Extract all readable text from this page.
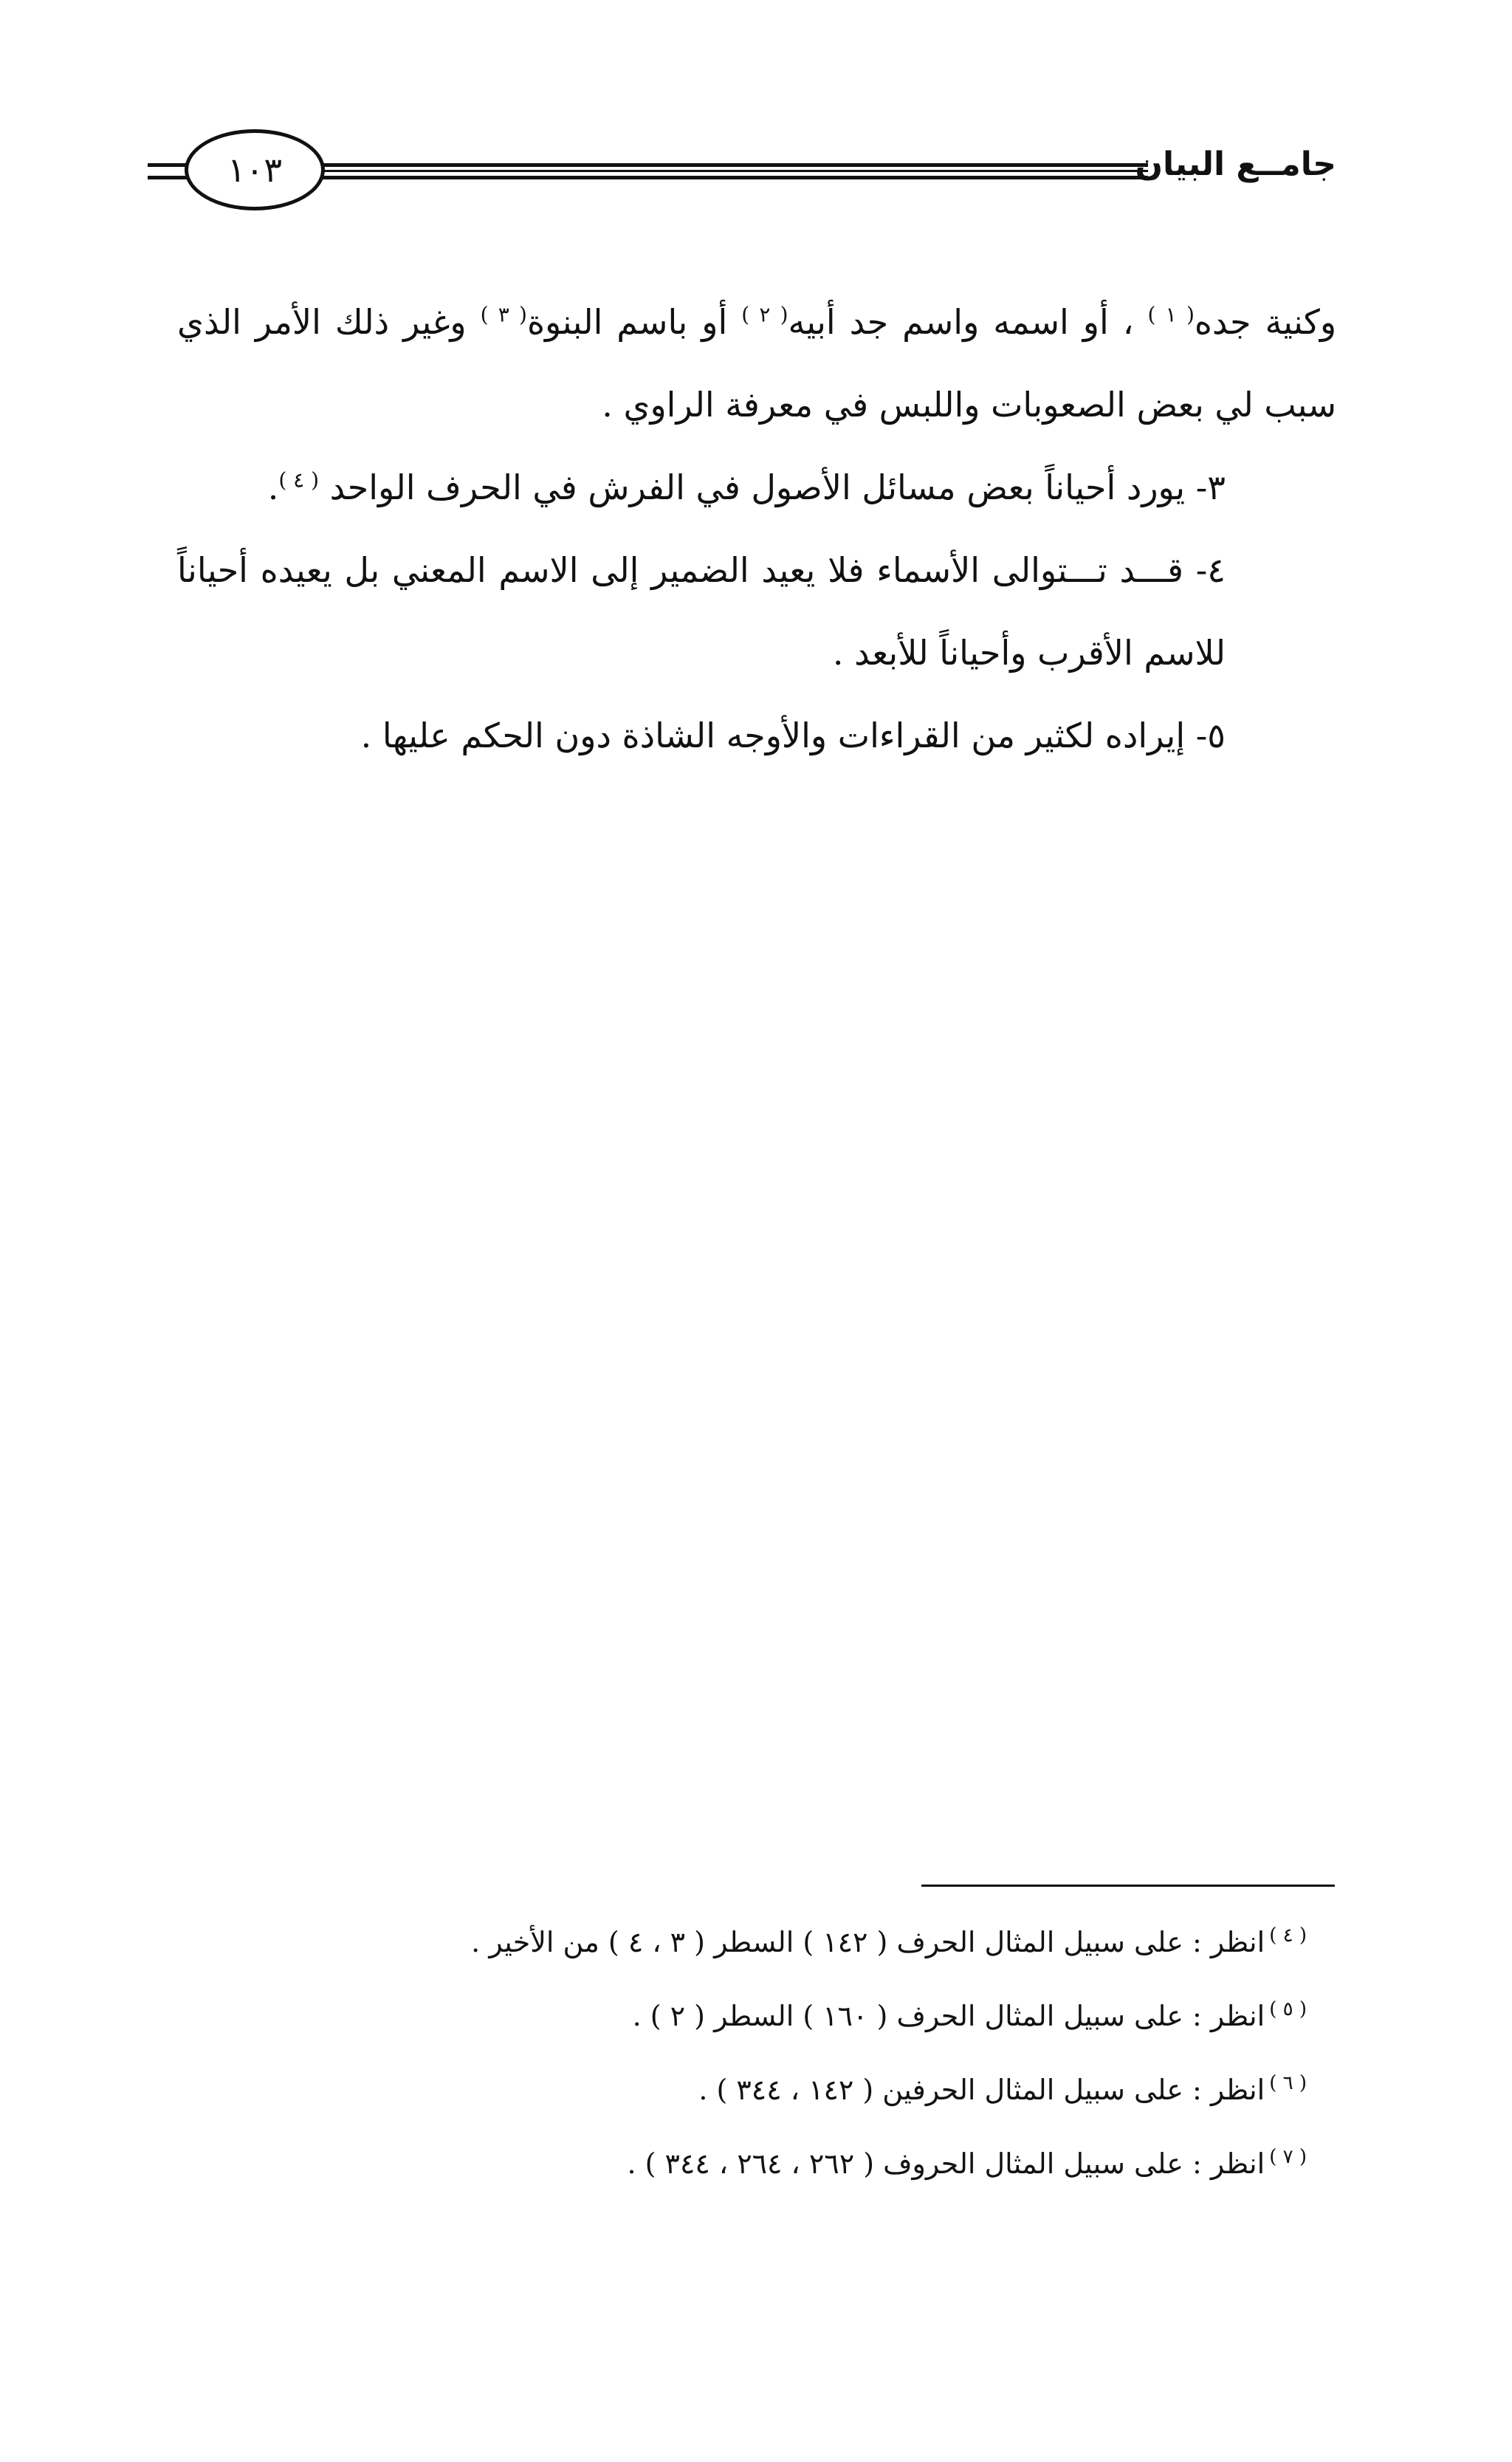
جامــع البيان
١٠٣

وكنية جده$^{( ١ )}$ ، أو اسمه واسم جد أبيه$^{( ٢ )}$ أو باسم البنوة$^{( ٣ )}$ وغير ذلك الأمر الذي سبب لي بعض الصعوبات واللبس في معرفة الراوي .

٣- يورد أحياناً بعض مسائل الأصول في الفرش في الحرف الواحد $^{( ٤ )}$.

٤- قـــد تـــتوالى الأسماء فلا يعيد الضمير إلى الاسم المعني بل يعيده أحياناً للاسم الأقرب وأحياناً للأبعد .

٥- إيراده لكثير من القراءات والأوجه الشاذة دون الحكم عليها .

$^{( ٤ )}$انظر : على سبيل المثال الحرف ( ١٤٢ ) السطر ( ٣ ، ٤ ) من الأخير .

$^{( ٥ )}$انظر : على سبيل المثال الحرف ( ١٦٠ ) السطر ( ٢ ) .

$^{( ٦ )}$انظر : على سبيل المثال الحرفين ( ١٤٢ ، ٣٤٤ ) .

$^{( ٧ )}$انظر : على سبيل المثال الحروف ( ٢٦٢ ، ٢٦٤ ، ٣٤٤ ) .
